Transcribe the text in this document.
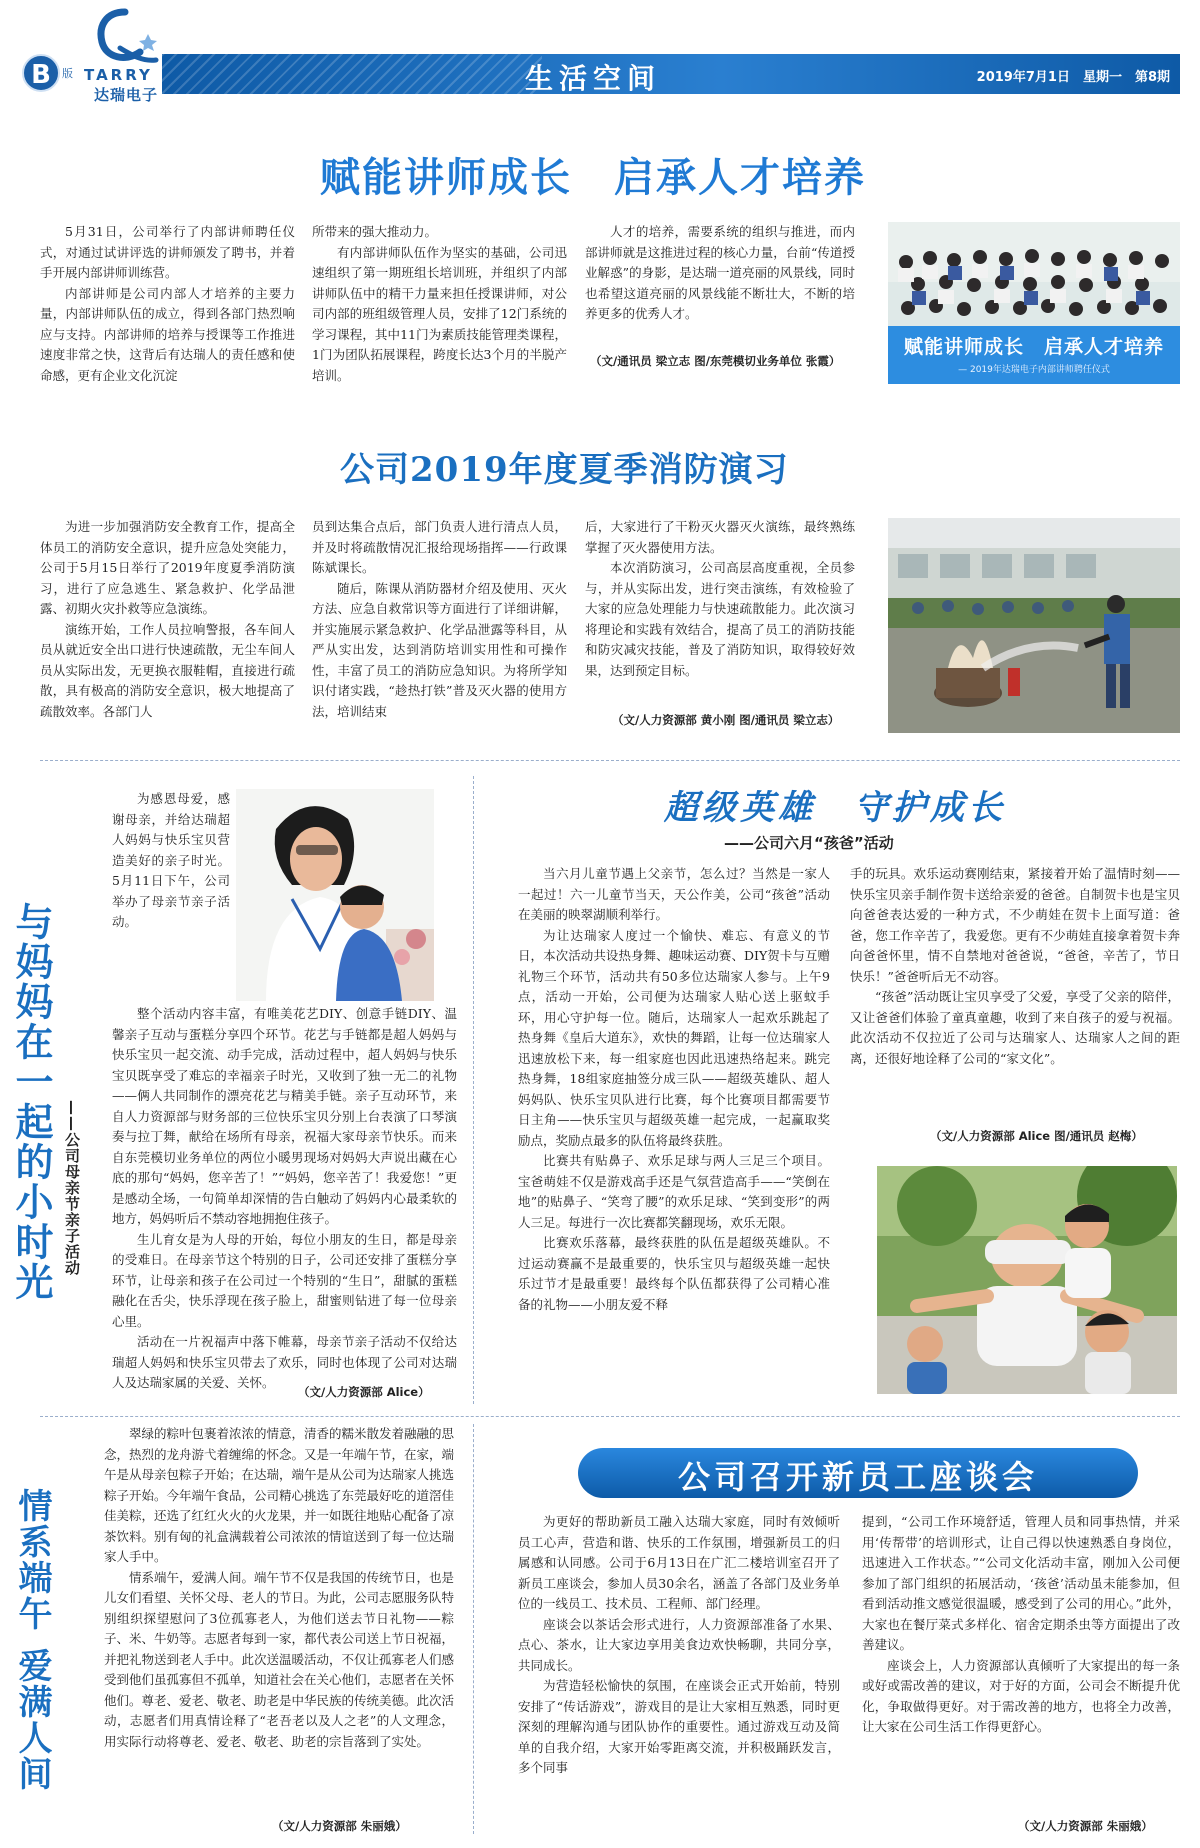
B	版 TARRY
达瑞电子	生活空间	2019年7月1日　星期一　第8期
赋能讲师成长　启承人才培养

5月31日，公司举行了内部讲师聘任仪式，对通过试讲评选的讲师颁发了聘书，并着手开展内部讲师训练营。

内部讲师是公司内部人才培养的主要力量，内部讲师队伍的成立，得到各部门热烈响应与支持。内部讲师的培养与授课等工作推进速度非常之快，这背后有达瑞人的责任感和使命感，更有企业文化沉淀

所带来的强大推动力。

有内部讲师队伍作为坚实的基础，公司迅速组织了第一期班组长培训班，并组织了内部讲师队伍中的精干力量来担任授课讲师，对公司内部的班组级管理人员，安排了12门系统的学习课程，其中11门为素质技能管理类课程，1门为团队拓展课程，跨度长达3个月的半脱产培训。

人才的培养，需要系统的组织与推进，而内部讲师就是这推进过程的核心力量，台前“传道授业解惑”的身影，是达瑞一道亮丽的风景线，同时也希望这道亮丽的风景线能不断壮大，不断的培养更多的优秀人才。

（文/通讯员 梁立志 图/东莞模切业务单位 张霞）
赋能讲师成长　启承人才培养
— 2019年达瑞电子内部讲师聘任仪式
公司2019年度夏季消防演习

为进一步加强消防安全教育工作，提高全体员工的消防安全意识，提升应急处突能力，公司于5月15日举行了2019年度夏季消防演习，进行了应急逃生、紧急救护、化学品泄露、初期火灾扑救等应急演练。

演练开始，工作人员拉响警报，各车间人员从就近安全出口进行快速疏散，无尘车间人员从实际出发，无更换衣服鞋帽，直接进行疏散，具有极高的消防安全意识，极大地提高了疏散效率。各部门人

员到达集合点后，部门负责人进行清点人员，并及时将疏散情况汇报给现场指挥——行政课陈斌课长。

随后，陈课从消防器材介绍及使用、灭火方法、应急自救常识等方面进行了详细讲解，并实施展示紧急救护、化学品泄露等科目，从严从实出发，达到消防培训实用性和可操作性，丰富了员工的消防应急知识。为将所学知识付诸实践，“趁热打铁”普及灭火器的使用方法，培训结束

后，大家进行了干粉灭火器灭火演练，最终熟练掌握了灭火器使用方法。

本次消防演习，公司高层高度重视，全员参与，并从实际出发，进行突击演练，有效检验了大家的应急处理能力与快速疏散能力。此次演习将理论和实践有效结合，提高了员工的消防技能和防灾减灾技能，普及了消防知识，取得较好效果，达到预定目标。

（文/人力资源部 黄小刚 图/通讯员 梁立志）
与妈妈在一起的小时光 ——公司母亲节亲子活动
为感恩母爱，感谢母亲，并给达瑞超人妈妈与快乐宝贝营造美好的亲子时光。5月11日下午，公司举办了母亲节亲子活动。

整个活动内容丰富，有唯美花艺DIY、创意手链DIY、温馨亲子互动与蛋糕分享四个环节。花艺与手链都是超人妈妈与快乐宝贝一起交流、动手完成，活动过程中，超人妈妈与快乐宝贝既享受了难忘的幸福亲子时光，又收到了独一无二的礼物——俩人共同制作的漂亮花艺与精美手链。亲子互动环节，来自人力资源部与财务部的三位快乐宝贝分别上台表演了口琴演奏与拉丁舞，献给在场所有母亲，祝福大家母亲节快乐。而来自东莞模切业务单位的两位小暖男现场对妈妈大声说出藏在心底的那句“妈妈，您辛苦了！”“妈妈，您辛苦了！我爱您！”更是感动全场，一句简单却深情的告白触动了妈妈内心最柔软的地方，妈妈听后不禁动容地拥抱住孩子。

生儿育女是为人母的开始，每位小朋友的生日，都是母亲的受难日。在母亲节这个特别的日子，公司还安排了蛋糕分享环节，让母亲和孩子在公司过一个特别的“生日”，甜腻的蛋糕融化在舌尖，快乐浮现在孩子脸上，甜蜜则钻进了每一位母亲心里。

活动在一片祝福声中落下帷幕，母亲节亲子活动不仅给达瑞超人妈妈和快乐宝贝带去了欢乐，同时也体现了公司对达瑞人及达瑞家属的关爱、关怀。

（文/人力资源部 Alice）
超级英雄　守护成长
——公司六月“孩爸”活动

当六月儿童节遇上父亲节，怎么过？当然是一家人一起过！六一儿童节当天，天公作美，公司“孩爸”活动在美丽的映翠湖顺利举行。

为让达瑞家人度过一个愉快、难忘、有意义的节日，本次活动共设热身舞、趣味运动赛、DIY贺卡与互赠礼物三个环节，活动共有50多位达瑞家人参与。上午9点，活动一开始，公司便为达瑞家人贴心送上驱蚊手环，用心守护每一位。随后，达瑞家人一起欢乐跳起了热身舞《皇后大道东》，欢快的舞蹈，让每一位达瑞家人迅速放松下来，每一组家庭也因此迅速热络起来。跳完热身舞，18组家庭抽签分成三队——超级英雄队、超人妈妈队、快乐宝贝队进行比赛，每个比赛项目都需要节日主角——快乐宝贝与超级英雄一起完成，一起赢取奖励点，奖励点最多的队伍将最终获胜。

比赛共有贴鼻子、欢乐足球与两人三足三个项目。宝爸萌娃不仅是游戏高手还是气氛营造高手——“笑倒在地”的贴鼻子、“笑弯了腰”的欢乐足球、“笑到变形”的两人三足。每进行一次比赛都笑翻现场，欢乐无限。

比赛欢乐落幕，最终获胜的队伍是超级英雄队。不过运动赛赢不是最重要的，快乐宝贝与超级英雄一起快乐过节才是最重要！最终每个队伍都获得了公司精心准备的礼物——小朋友爱不释

手的玩具。欢乐运动赛刚结束，紧接着开始了温情时刻——快乐宝贝亲手制作贺卡送给亲爱的爸爸。自制贺卡也是宝贝向爸爸表达爱的一种方式，不少萌娃在贺卡上面写道：爸爸，您工作辛苦了，我爱您。更有不少萌娃直接拿着贺卡奔向爸爸怀里，情不自禁地对爸爸说，“爸爸，辛苦了，节日快乐！”爸爸听后无不动容。

“孩爸”活动既让宝贝享受了父爱，享受了父亲的陪伴，又让爸爸们体验了童真童趣，收到了来自孩子的爱与祝福。此次活动不仅拉近了公司与达瑞家人、达瑞家人之间的距离，还很好地诠释了公司的“家文化”。

（文/人力资源部 Alice 图/通讯员 赵梅）
情系端午
爱满人间

翠绿的粽叶包裹着浓浓的情意，清香的糯米散发着融融的思念，热烈的龙舟游弋着缠绵的怀念。又是一年端午节，在家，端午是从母亲包粽子开始；在达瑞，端午是从公司为达瑞家人挑选粽子开始。今年端午食品，公司精心挑选了东莞最好吃的道滘佳佳美粽，还选了红红火火的火龙果，并一如既往地贴心配备了凉茶饮料。别有匈的礼盒满载着公司浓浓的情谊送到了每一位达瑞家人手中。

情系端午，爱满人间。端午节不仅是我国的传统节日，也是儿女们看望、关怀父母、老人的节日。为此，公司志愿服务队特别组织探望慰问了3位孤寡老人，为他们送去节日礼物——粽子、米、牛奶等。志愿者每到一家，都代表公司送上节日祝福，并把礼物送到老人手中。此次送温暖活动，不仅让孤寡老人们感受到他们虽孤寡但不孤单，知道社会在关心他们，志愿者在关怀他们。尊老、爱老、敬老、助老是中华民族的传统美德。此次活动，志愿者们用真情诠释了“老吾老以及人之老”的人文理念，用实际行动将尊老、爱老、敬老、助老的宗旨落到了实处。

（文/人力资源部 朱丽娥）
公司召开新员工座谈会

为更好的帮助新员工融入达瑞大家庭，同时有效倾听员工心声，营造和谐、快乐的工作氛围，增强新员工的归属感和认同感。公司于6月13日在广汇二楼培训室召开了新员工座谈会，参加人员30余名，涵盖了各部门及业务单位的一线员工、技术员、工程师、部门经理。

座谈会以茶话会形式进行，人力资源部准备了水果、点心、茶水，让大家边享用美食边欢快畅聊，共同分享，共同成长。

为营造轻松愉快的氛围，在座谈会正式开始前，特别安排了“传话游戏”，游戏目的是让大家相互熟悉，同时更深刻的理解沟通与团队协作的重要性。通过游戏互动及简单的自我介绍，大家开始零距离交流，并积极踊跃发言，多个同事

提到，“公司工作环境舒适，管理人员和同事热情，并采用‘传帮带’的培训形式，让自己得以快速熟悉自身岗位，迅速进入工作状态。”“公司文化活动丰富，刚加入公司便参加了部门组织的拓展活动，‘孩爸’活动虽未能参加，但看到活动推文感觉很温暖，感受到了公司的用心。”此外，大家也在餐厅菜式多样化、宿舍定期杀虫等方面提出了改善建议。

座谈会上，人力资源部认真倾听了大家提出的每一条或好或需改善的建议，对于好的方面，公司会不断提升优化，争取做得更好。对于需改善的地方，也将全力改善，让大家在公司生活工作得更舒心。

（文/人力资源部 朱丽娥）
